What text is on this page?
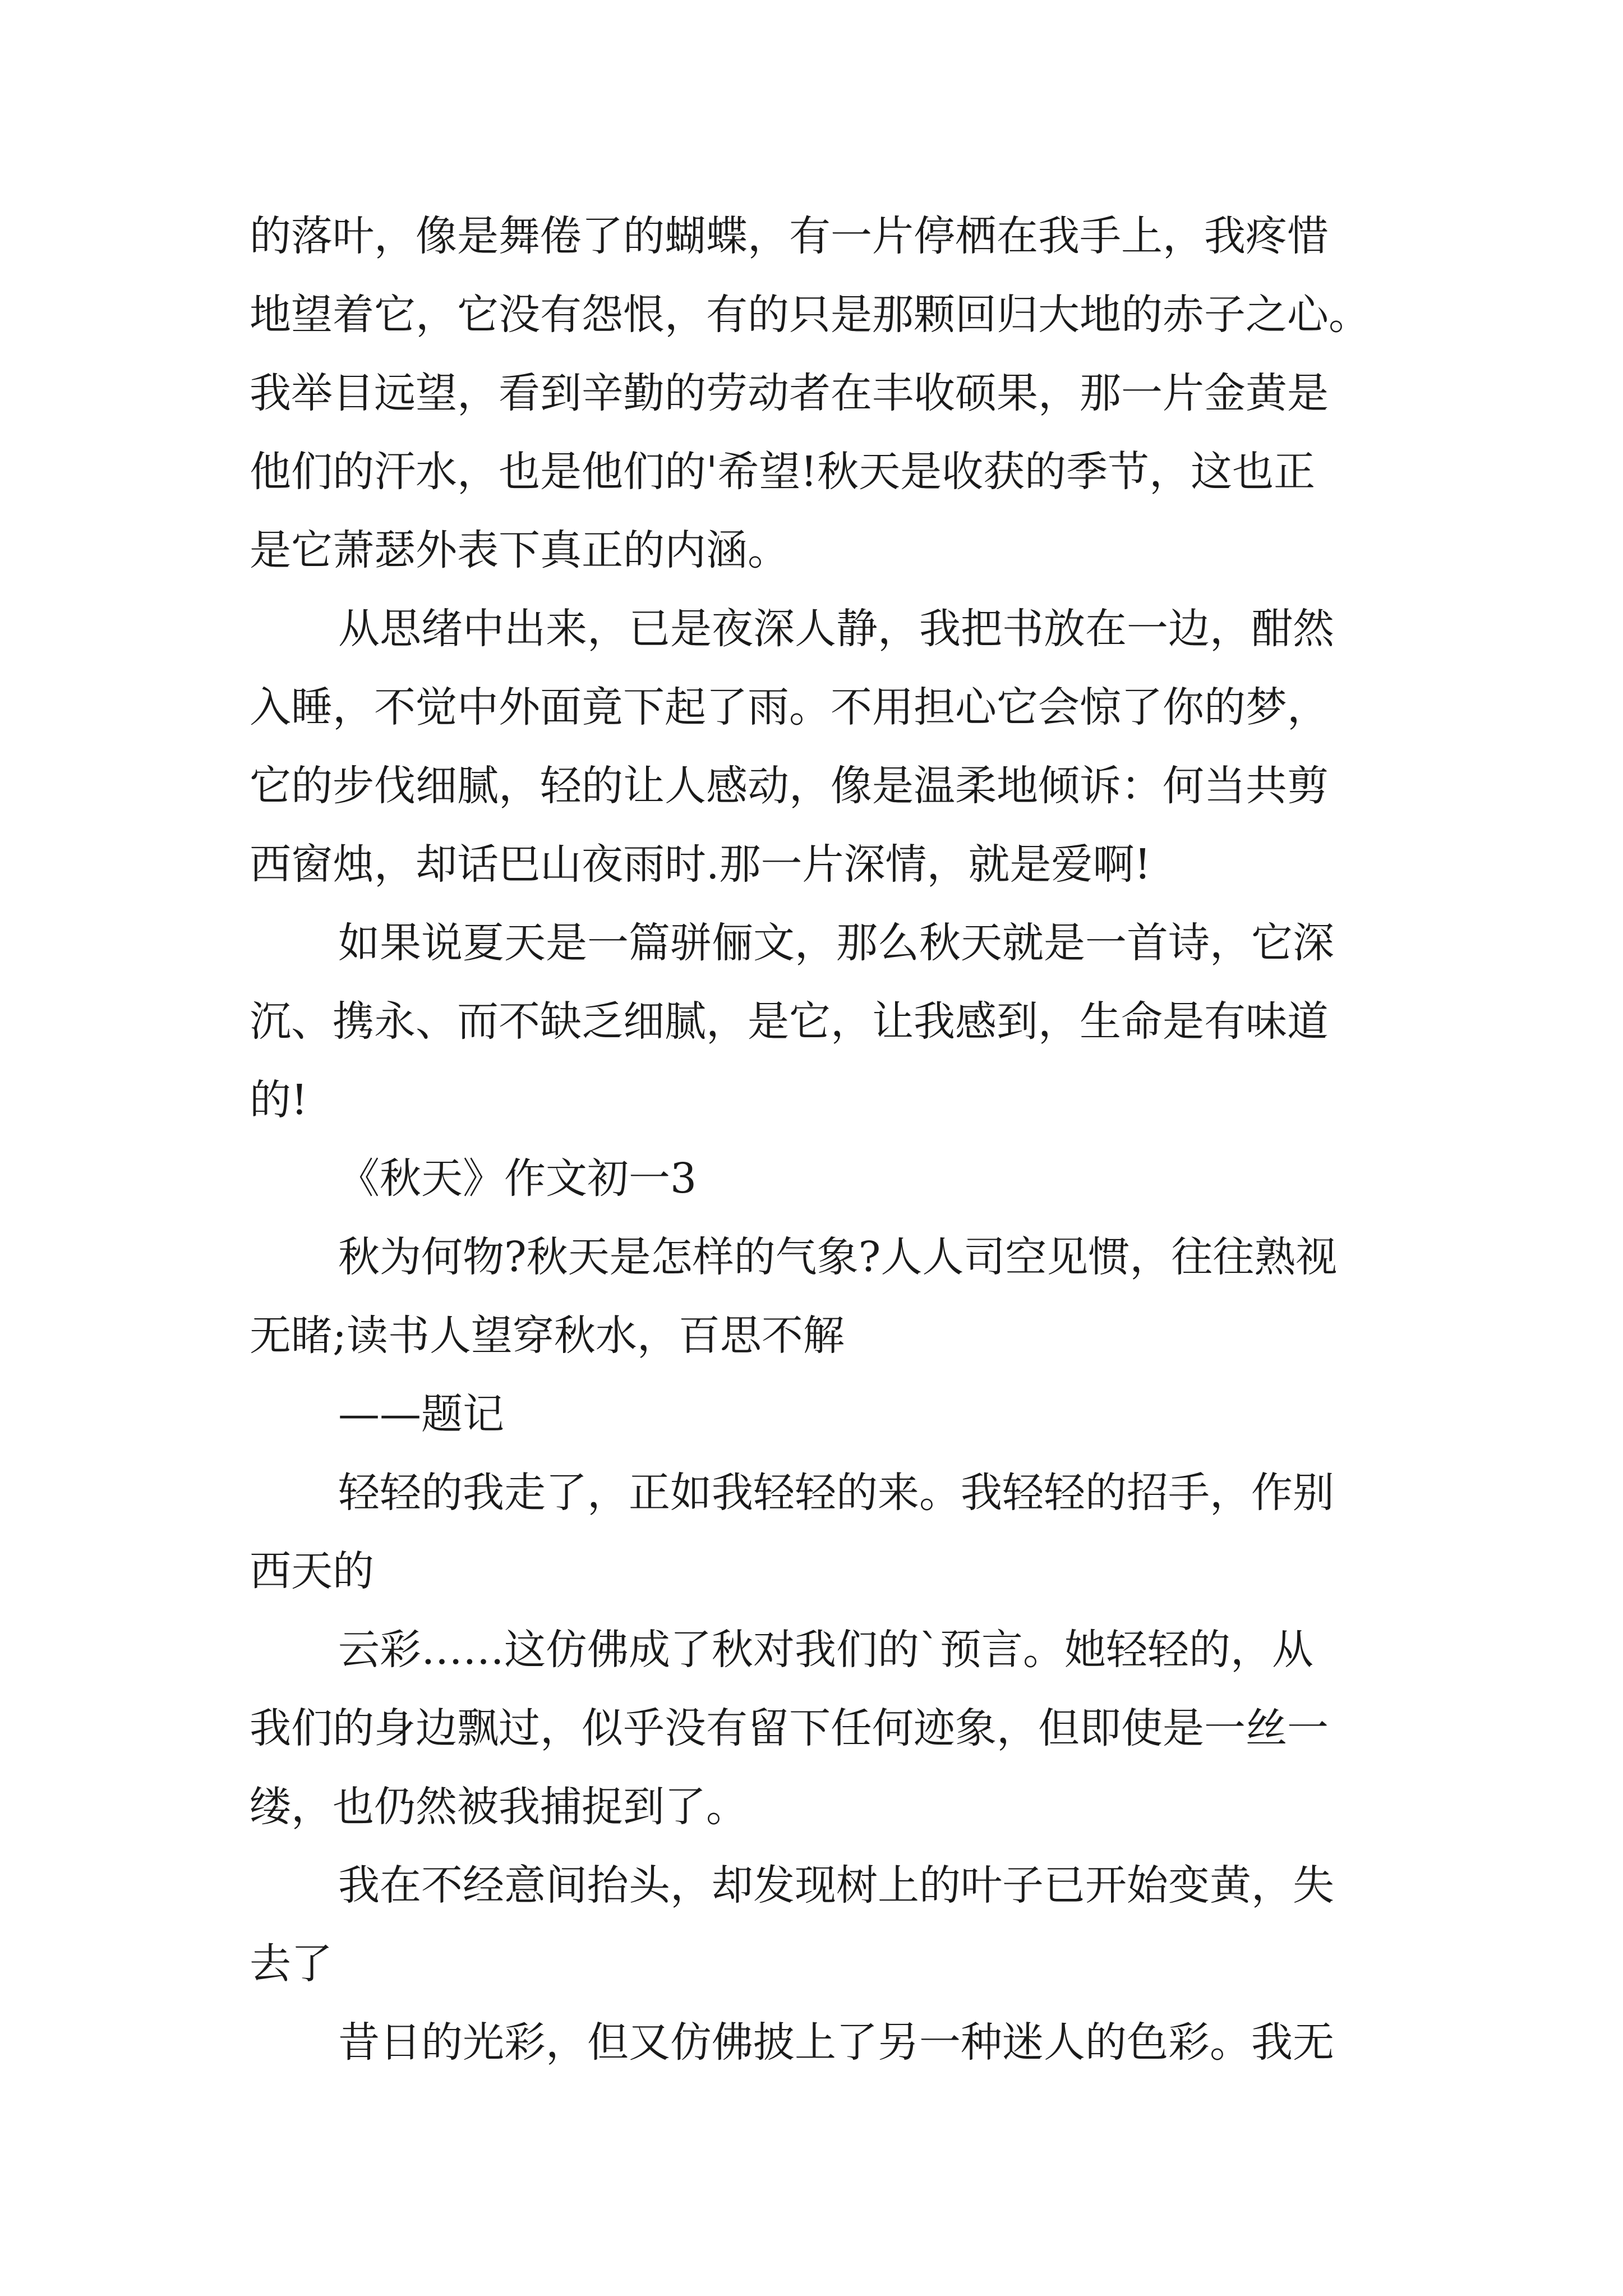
的落叶，像是舞倦了的蝴蝶，有一片停栖在我手上，我疼惜
地望着它，它没有怨恨，有的只是那颗回归大地的赤子之心。
我举目远望，看到辛勤的劳动者在丰收硕果，那一片金黄是
他们的汗水，也是他们的'希望!秋天是收获的季节，这也正
是它萧瑟外表下真正的内涵。
从思绪中出来，已是夜深人静，我把书放在一边，酣然
入睡，不觉中外面竟下起了雨。不用担心它会惊了你的梦，
它的步伐细腻，轻的让人感动，像是温柔地倾诉：何当共剪
西窗烛，却话巴山夜雨时.那一片深情，就是爱啊!
如果说夏天是一篇骈俪文，那么秋天就是一首诗，它深
沉、携永、而不缺乏细腻，是它，让我感到，生命是有味道
的!
《秋天》作文初一3
秋为何物?秋天是怎样的气象?人人司空见惯，往往熟视
无睹;读书人望穿秋水，百思不解
——题记
轻轻的我走了，正如我轻轻的来。我轻轻的招手，作别
西天的
云彩……这仿佛成了秋对我们的`预言。她轻轻的，从
我们的身边飘过，似乎没有留下任何迹象，但即使是一丝一
缕，也仍然被我捕捉到了。
我在不经意间抬头，却发现树上的叶子已开始变黄，失
去了
昔日的光彩，但又仿佛披上了另一种迷人的色彩。我无
